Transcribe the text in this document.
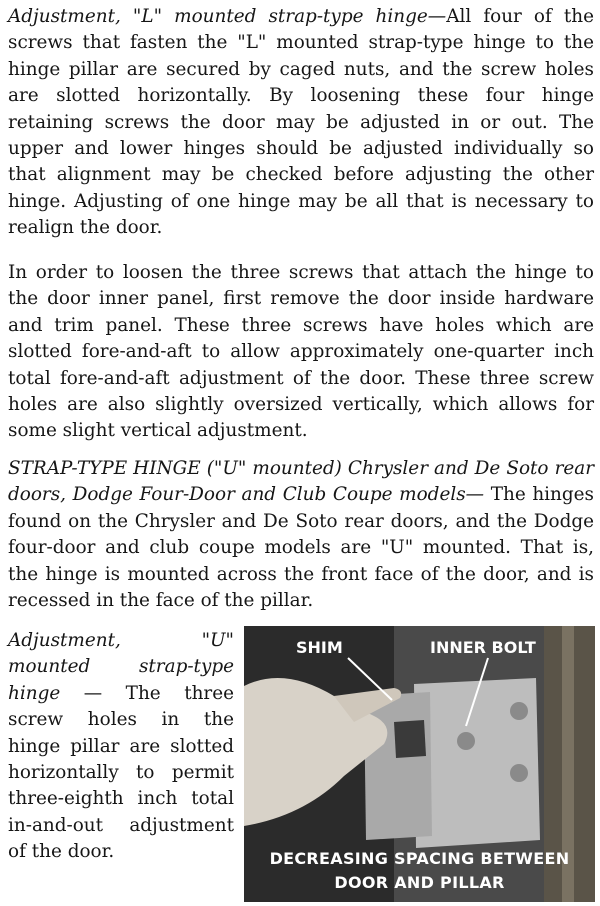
Adjustment, "L" mounted strap-type hinge—All four of the screws that fasten the "L" mounted strap-type hinge to the hinge pillar are secured by caged nuts, and the screw holes are slotted horizontally. By loosening these four hinge retaining screws the door may be adjusted in or out. The upper and lower hinges should be adjusted individually so that alignment may be checked before adjusting the other hinge. Adjusting of one hinge may be all that is necessary to realign the door.

In order to loosen the three screws that attach the hinge to the door inner panel, first remove the door inside hardware and trim panel. These three screws have holes which are slotted fore-and-aft to allow approximately one-quarter inch total fore-and-aft adjustment of the door. These three screw holes are also slightly oversized vertically, which allows for some slight vertical adjustment.

STRAP-TYPE HINGE ("U" mounted) Chrysler and De Soto rear doors, Dodge Four-Door and Club Coupe models— The hinges found on the Chrysler and De Soto rear doors, and the Dodge four-door and club coupe models are "U" mounted. That is, the hinge is mounted across the front face of the door, and is recessed in the face of the pillar.

Adjustment, "U" mounted strap-type hinge — The three screw holes in the hinge pillar are slotted horizontally to permit three-eighth inch total in-and-out adjustment of the door.

SHIM	INNER BOLT
DECREASING SPACING BETWEEN
DOOR AND PILLAR
